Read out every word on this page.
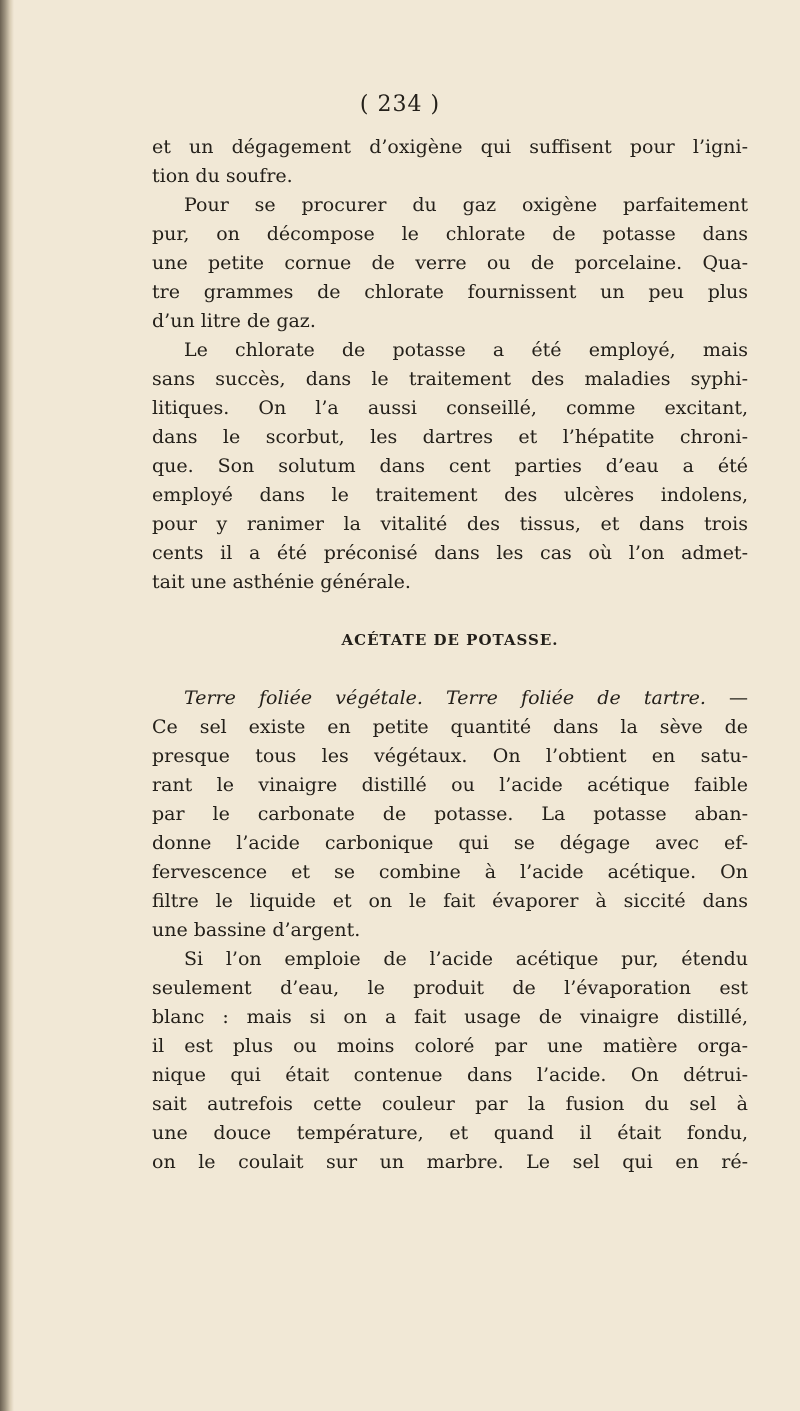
( 234 )
et un dégagement d’oxigène qui suffisent pour l’igni-
tion du soufre.
Pour se procurer du gaz oxigène parfaitement
pur, on décompose le chlorate de potasse dans
une petite cornue de verre ou de porcelaine. Qua-
tre grammes de chlorate fournissent un peu plus
d’un litre de gaz.
Le chlorate de potasse a été employé, mais
sans succès, dans le traitement des maladies syphi-
litiques. On l’a aussi conseillé, comme excitant,
dans le scorbut, les dartres et l’hépatite chroni-
que. Son solutum dans cent parties d’eau a été
employé dans le traitement des ulcères indolens,
pour y ranimer la vitalité des tissus, et dans trois
cents il a été préconisé dans les cas où l’on admet-
tait une asthénie générale.
ACÉTATE DE POTASSE.
Terre foliée végétale. Terre foliée de tartre. —
Ce sel existe en petite quantité dans la sève de
presque tous les végétaux. On l’obtient en satu-
rant le vinaigre distillé ou l’acide acétique faible
par le carbonate de potasse. La potasse aban-
donne l’acide carbonique qui se dégage avec ef-
fervescence et se combine à l’acide acétique. On
filtre le liquide et on le fait évaporer à siccité dans
une bassine d’argent.
Si l’on emploie de l’acide acétique pur, étendu
seulement d’eau, le produit de l’évaporation est
blanc : mais si on a fait usage de vinaigre distillé,
il est plus ou moins coloré par une matière orga-
nique qui était contenue dans l’acide. On détrui-
sait autrefois cette couleur par la fusion du sel à
une douce température, et quand il était fondu,
on le coulait sur un marbre. Le sel qui en ré-
